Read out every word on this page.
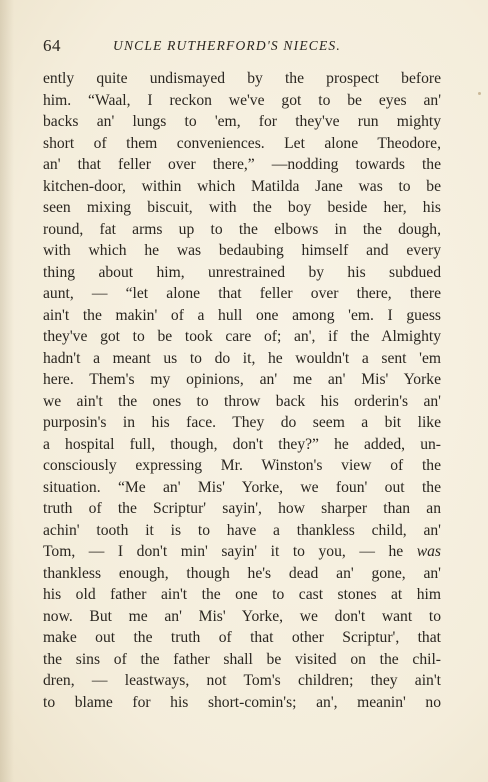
64	UNCLE RUTHERFORD'S NIECES.
ently quite undismayed by the prospect before
him. “Waal, I reckon we've got to be eyes an'
backs an' lungs to 'em, for they've run mighty
short of them conveniences. Let alone Theodore,
an' that feller over there,” —nodding towards the
kitchen-door, within which Matilda Jane was to be
seen mixing biscuit, with the boy beside her, his
round, fat arms up to the elbows in the dough,
with which he was bedaubing himself and every
thing about him, unrestrained by his subdued
aunt, — “let alone that feller over there, there
ain't the makin' of a hull one among 'em. I guess
they've got to be took care of; an', if the Almighty
hadn't a meant us to do it, he wouldn't a sent 'em
here. Them's my opinions, an' me an' Mis' Yorke
we ain't the ones to throw back his orderin's an'
purposin's in his face. They do seem a bit like
a hospital full, though, don't they?” he added, un-
consciously expressing Mr. Winston's view of the
situation. “Me an' Mis' Yorke, we foun' out the
truth of the Scriptur' sayin', how sharper than an
achin' tooth it is to have a thankless child, an'
Tom, — I don't min' sayin' it to you, — he was
thankless enough, though he's dead an' gone, an'
his old father ain't the one to cast stones at him
now. But me an' Mis' Yorke, we don't want to
make out the truth of that other Scriptur', that
the sins of the father shall be visited on the chil-
dren, — leastways, not Tom's children; they ain't
to blame for his short-comin's; an', meanin' no
